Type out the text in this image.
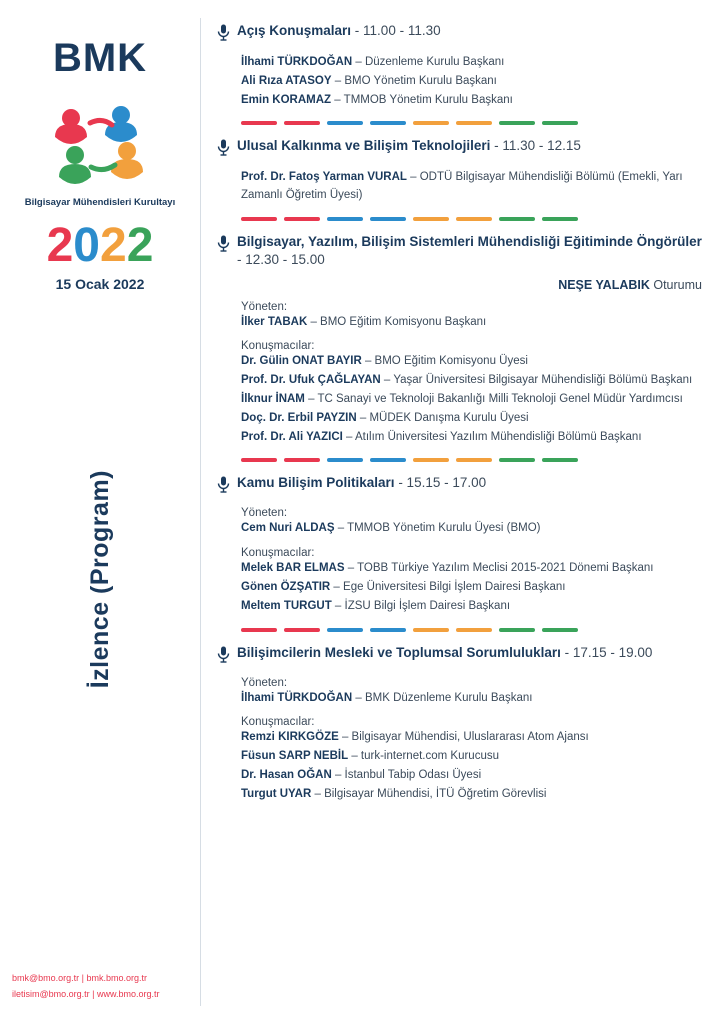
BMK
Bilgisayar Mühendisleri Kurultayı
2022
15 Ocak 2022
İzlence (Program)
bmk@bmo.org.tr | bmk.bmo.org.tr
iletisim@bmo.org.tr | www.bmo.org.tr
Açış Konuşmaları - 11.00 - 11.30
İlhami TÜRKDOĞAN – Düzenleme Kurulu Başkanı
Ali Rıza ATASOY – BMO Yönetim Kurulu Başkanı
Emin KORAMAZ – TMMOB Yönetim Kurulu Başkanı
Ulusal Kalkınma ve Bilişim Teknolojileri - 11.30 - 12.15
Prof. Dr. Fatoş Yarman VURAL – ODTÜ Bilgisayar Mühendisliği Bölümü (Emekli, Yarı Zamanlı Öğretim Üyesi)
Bilgisayar, Yazılım, Bilişim Sistemleri Mühendisliği Eğitiminde Öngörüler - 12.30 - 15.00
NEŞE YALABIK Oturumu
Yöneten:
İlker TABAK – BMO Eğitim Komisyonu Başkanı
Konuşmacılar:
Dr. Gülin ONAT BAYIR – BMO Eğitim Komisyonu Üyesi
Prof. Dr. Ufuk ÇAĞLAYAN – Yaşar Üniversitesi Bilgisayar Mühendisliği Bölümü Başkanı
İlknur İNAM – TC Sanayi ve Teknoloji Bakanlığı Milli Teknoloji Genel Müdür Yardımcısı
Doç. Dr. Erbil PAYZIN – MÜDEK Danışma Kurulu Üyesi
Prof. Dr. Ali YAZICI – Atılım Üniversitesi Yazılım Mühendisliği Bölümü Başkanı
Kamu Bilişim Politikaları - 15.15 - 17.00
Yöneten:
Cem Nuri ALDAŞ – TMMOB Yönetim Kurulu Üyesi (BMO)
Konuşmacılar:
Melek BAR ELMAS – TOBB Türkiye Yazılım Meclisi 2015-2021 Dönemi Başkanı
Gönen ÖZŞATIR – Ege Üniversitesi Bilgi İşlem Dairesi Başkanı
Meltem TURGUT – İZSU Bilgi İşlem Dairesi Başkanı
Bilişimcilerin Mesleki ve Toplumsal Sorumlulukları - 17.15 - 19.00
Yöneten:
İlhami TÜRKDOĞAN – BMK Düzenleme Kurulu Başkanı
Konuşmacılar:
Remzi KIRKGÖZE – Bilgisayar Mühendisi, Uluslararası Atom Ajansı
Füsun SARP NEBİL – turk-internet.com Kurucusu
Dr. Hasan OĞAN – İstanbul Tabip Odası Üyesi
Turgut UYAR – Bilgisayar Mühendisi, İTÜ Öğretim Görevlisi
